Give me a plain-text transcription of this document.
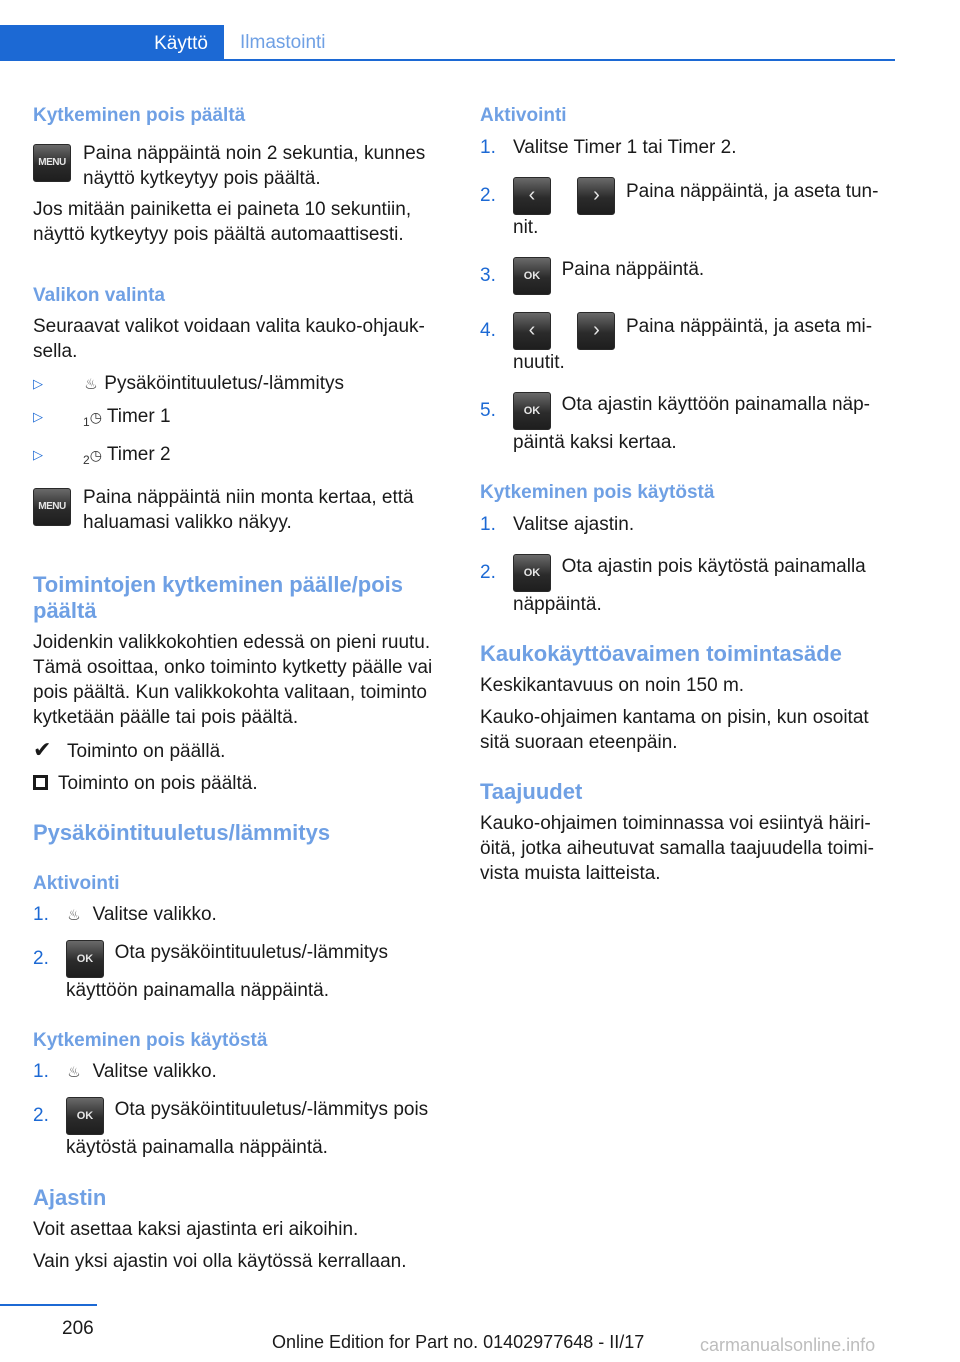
Käyttö Ilmastointi
Kytkeminen pois päältä
MENU Paina näppäintä noin 2 sekuntia, kunnes näyttö kytkeytyy pois päältä.

Jos mitään painiketta ei paineta 10 sekuntiin, näyttö kytkeytyy pois päältä automaattisesti.

Valikon valinta

Seuraavat valikot voidaan valita kauko-ohjauksella.

▷	♨ Pysäköintituuletus/-lämmitys
▷	$_1$◷ Timer 1
▷	$_2$◷ Timer 2
MENU Paina näppäintä niin monta kertaa, että haluamasi valikko näkyy.

Toimintojen kytkeminen päälle/pois päältä

Joidenkin valikkokohtien edessä on pieni ruutu. Tämä osoittaa, onko toiminto kytketty päälle vai pois päältä. Kun valikkokohta valitaan, toiminto kytketään päälle tai pois päältä.

✔ Toiminto on päällä.

Toiminto on pois päältä.

Pysäköintituuletus/lämmitys
Aktivointi
1. ♨ Valitse valikko.
2.	OK Ota pysäköintituuletus/-lämmitys käyttöön painamalla näppäintä.
Kytkeminen pois käytöstä
1. ♨ Valitse valikko.
2.	OK Ota pysäköintituuletus/-lämmitys pois käytöstä painamalla näppäintä.
Ajastin

Voit asettaa kaksi ajastinta eri aikoihin.

Vain yksi ajastin voi olla käytössä kerrallaan.

Aktivointi
1. Valitse Timer 1 tai Timer 2.
2. ‹	› Paina näppäintä, ja aseta tunnit.
3.	OK Paina näppäintä.
4. ‹	› Paina näppäintä, ja aseta minuutit.
5.	OK Ota ajastin käyttöön painamalla näppäintä kaksi kertaa.
Kytkeminen pois käytöstä
1. Valitse ajastin.
2.	OK Ota ajastin pois käytöstä painamalla näppäintä.
Kaukokäyttöavaimen toimintasäde

Keskikantavuus on noin 150 m.

Kauko-ohjaimen kantama on pisin, kun osoitat sitä suoraan eteenpäin.

Taajuudet

Kauko-ohjaimen toiminnassa voi esiintyä häiriöitä, jotka aiheutuvat samalla taajuudella toimivista muista laitteista.

206
Online Edition for Part no. 01402977648 - II/17	carmanualsonline.info
